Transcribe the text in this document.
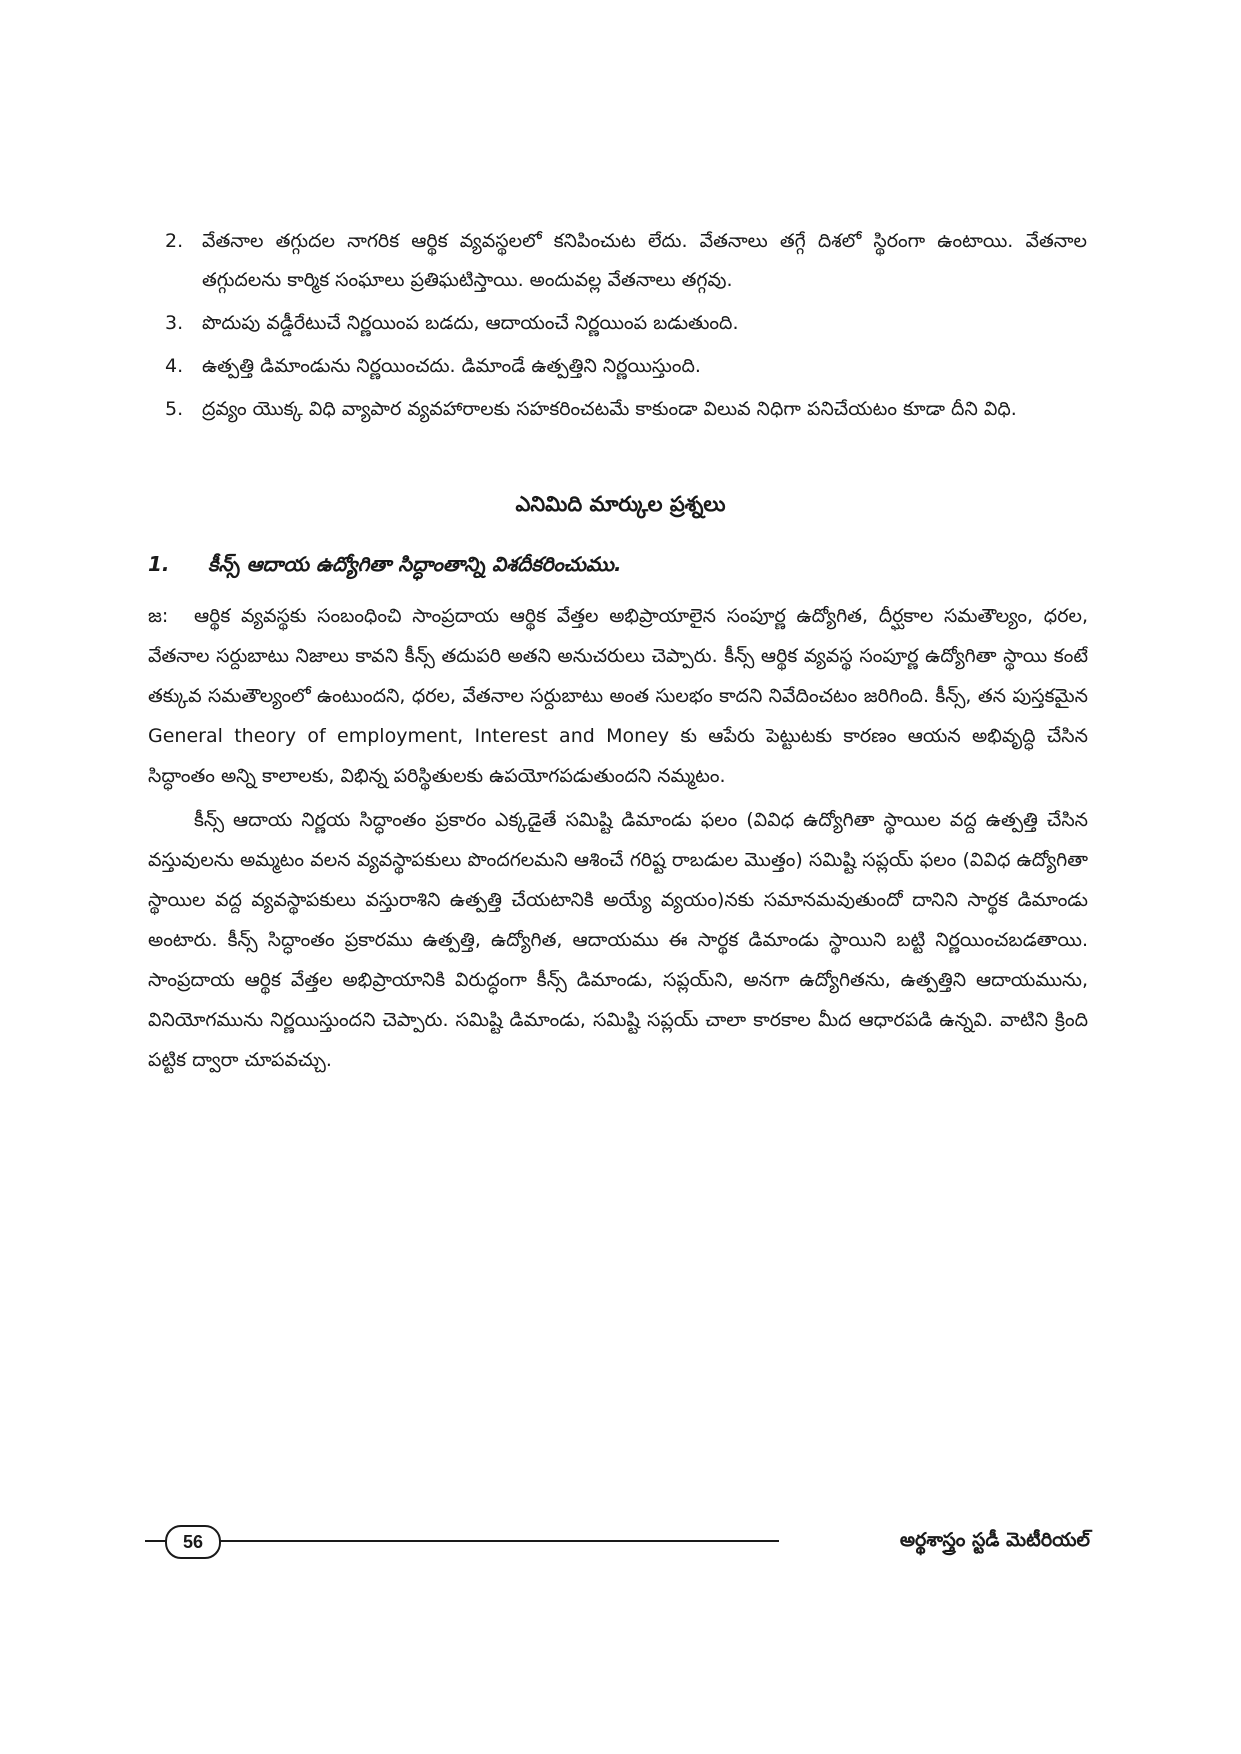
2. వేతనాల తగ్గుదల నాగరిక ఆర్థిక వ్యవస్థలలో కనిపించుట లేదు. వేతనాలు తగ్గే దిశలో స్థిరంగా ఉంటాయి. వేతనాల తగ్గుదలను కార్మిక సంఘాలు ప్రతిఘటిస్తాయి. అందువల్ల వేతనాలు తగ్గవు.
3. పొదుపు వడ్డీరేటుచే నిర్ణయింప బడదు, ఆదాయంచే నిర్ణయింప బడుతుంది.
4. ఉత్పత్తి డిమాండును నిర్ణయించదు. డిమాండే ఉత్పత్తిని నిర్ణయిస్తుంది.
5. ద్రవ్యం యొక్క విధి వ్యాపార వ్యవహారాలకు సహకరించటమే కాకుండా విలువ నిధిగా పనిచేయటం కూడా దీని విధి.
ఎనిమిది మార్కుల ప్రశ్నలు
1.	కీన్స్ ఆదాయ ఉద్యోగితా సిద్ధాంతాన్ని విశదీకరించుము.

జ: ఆర్థిక వ్యవస్థకు సంబంధించి సాంప్రదాయ ఆర్థిక వేత్తల అభిప్రాయాలైన సంపూర్ణ ఉద్యోగిత, దీర్ఘకాల సమతౌల్యం, ధరల, వేతనాల సర్దుబాటు నిజాలు కావని కీన్స్ తదుపరి అతని అనుచరులు చెప్పారు. కీన్స్ ఆర్థిక వ్యవస్థ సంపూర్ణ ఉద్యోగితా స్థాయి కంటే తక్కువ సమతౌల్యంలో ఉంటుందని, ధరల, వేతనాల సర్దుబాటు అంత సులభం కాదని నివేదించటం జరిగింది. కీన్స్, తన పుస్తకమైన General theory of employment, Interest and Money కు ఆపేరు పెట్టుటకు కారణం ఆయన అభివృద్ధి చేసిన సిద్ధాంతం అన్ని కాలాలకు, విభిన్న పరిస్థితులకు ఉపయోగపడుతుందని నమ్మటం.

కీన్స్ ఆదాయ నిర్ణయ సిద్ధాంతం ప్రకారం ఎక్కడైతే సమిష్టి డిమాండు ఫలం (వివిధ ఉద్యోగితా స్థాయిల వద్ద ఉత్పత్తి చేసిన వస్తువులను అమ్మటం వలన వ్యవస్థాపకులు పొందగలమని ఆశించే గరిష్ట రాబడుల మొత్తం) సమిష్టి సప్లయ్ ఫలం (వివిధ ఉద్యోగితా స్థాయిల వద్ద వ్యవస్థాపకులు వస్తురాశిని ఉత్పత్తి చేయటానికి అయ్యే వ్యయం)నకు సమానమవుతుందో దానిని సార్థక డిమాండు అంటారు. కీన్స్ సిద్ధాంతం ప్రకారము ఉత్పత్తి, ఉద్యోగిత, ఆదాయము ఈ సార్థక డిమాండు స్థాయిని బట్టి నిర్ణయించబడతాయి. సాంప్రదాయ ఆర్థిక వేత్తల అభిప్రాయానికి విరుద్ధంగా కీన్స్ డిమాండు, సప్లయ్‌ని, అనగా ఉద్యోగితను, ఉత్పత్తిని ఆదాయమును, వినియోగమును నిర్ణయిస్తుందని చెప్పారు. సమిష్టి డిమాండు, సమిష్టి సప్లయ్ చాలా కారకాల మీద ఆధారపడి ఉన్నవి. వాటిని క్రింది పట్టిక ద్వారా చూపవచ్చు.

56	అర్థశాస్త్రం స్టడీ మెటీరియల్
